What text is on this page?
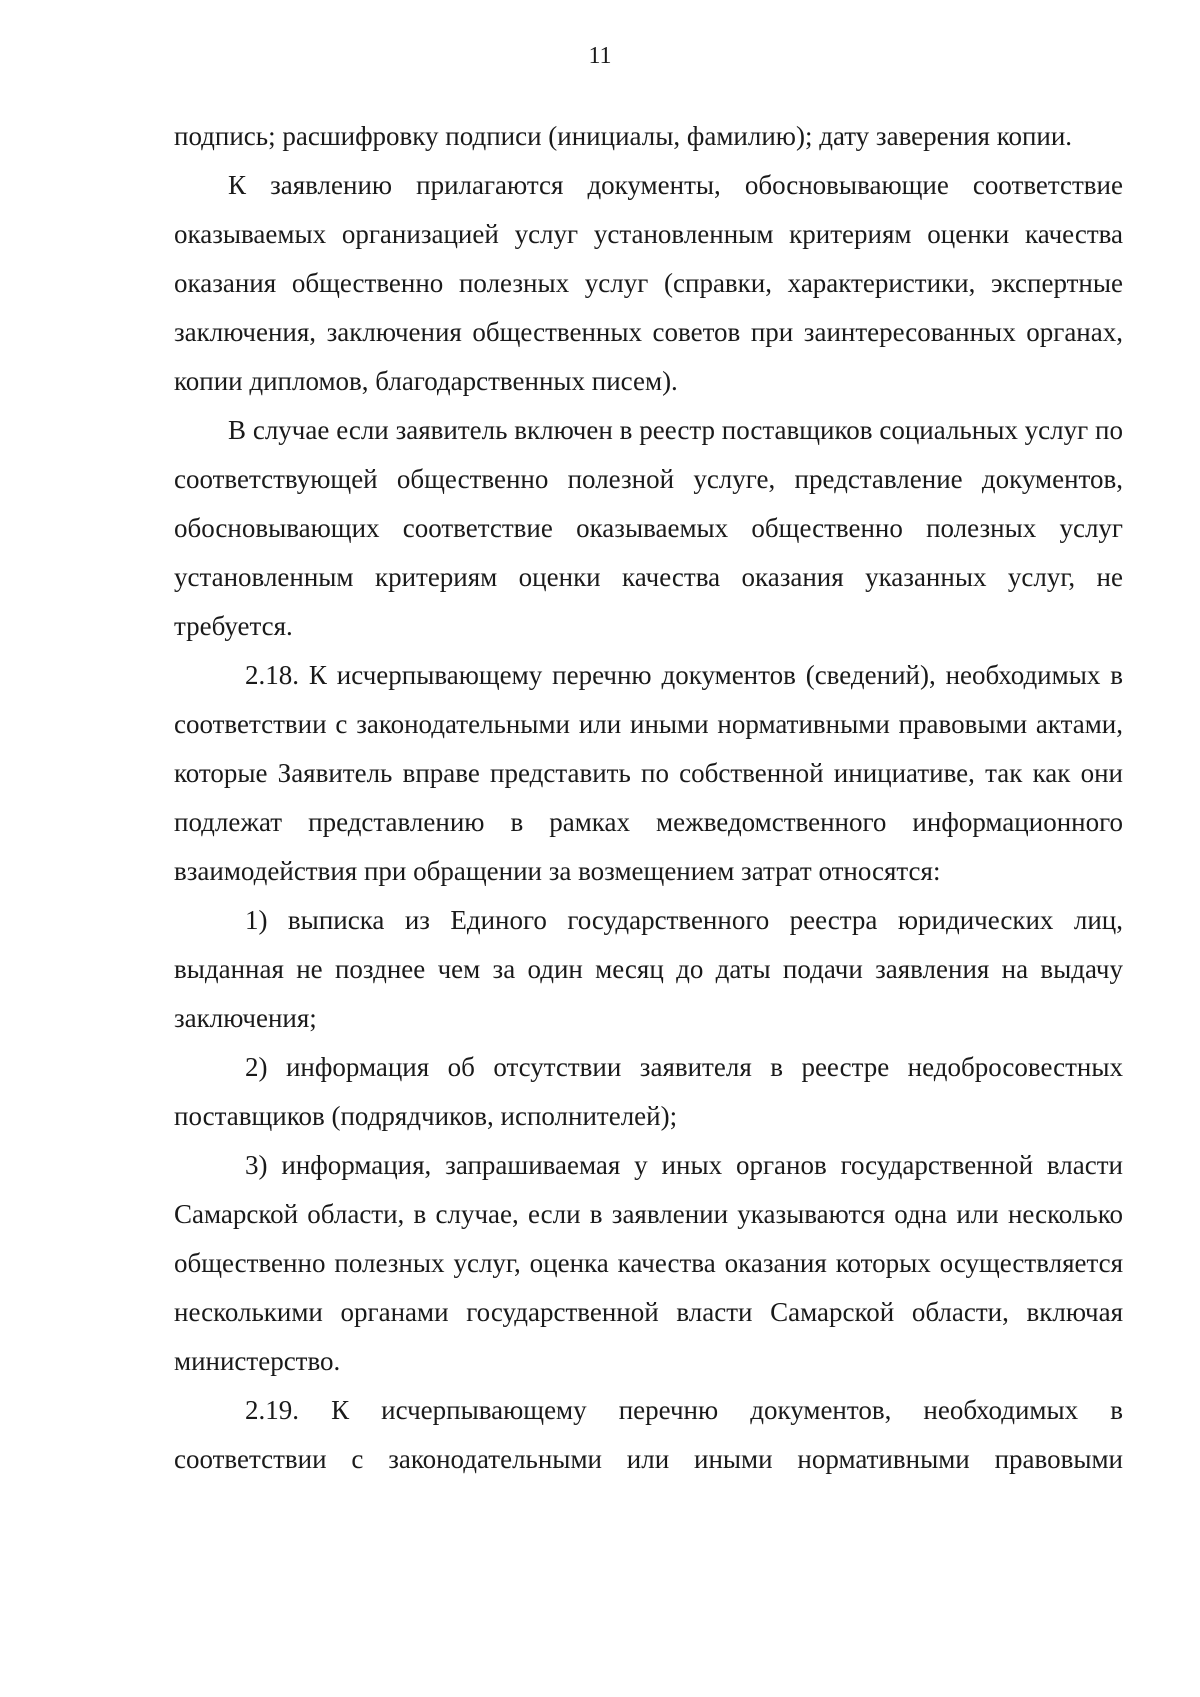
11

подпись; расшифровку подписи (инициалы, фамилию); дату заверения копии.

К заявлению прилагаются документы, обосновывающие соответствие оказываемых организацией услуг установленным критериям оценки качества оказания общественно полезных услуг (справки, характеристики, экспертные заключения, заключения общественных советов при заинтересованных органах, копии дипломов, благодарственных писем).

В случае если заявитель включен в реестр поставщиков социальных услуг по соответствующей общественно полезной услуге, представление документов, обосновывающих соответствие оказываемых общественно полезных услуг установленным критериям оценки качества оказания указанных услуг, не требуется.

2.18. К исчерпывающему перечню документов (сведений), необходимых в соответствии с законодательными или иными нормативными правовыми актами, которые Заявитель вправе представить по собственной инициативе, так как они подлежат представлению в рамках межведомственного информационного взаимодействия при обращении за возмещением затрат относятся:

1) выписка из Единого государственного реестра юридических лиц, выданная не позднее чем за один месяц до даты подачи заявления на выдачу заключения;

2) информация об отсутствии заявителя в реестре недобросовестных поставщиков (подрядчиков, исполнителей);

3) информация, запрашиваемая у иных органов государственной власти Самарской области, в случае, если в заявлении указываются одна или несколько общественно полезных услуг, оценка качества оказания которых осуществляется несколькими органами государственной власти Самарской области, включая министерство.

2.19. К исчерпывающему перечню документов, необходимых в соответствии с законодательными или иными нормативными правовыми
